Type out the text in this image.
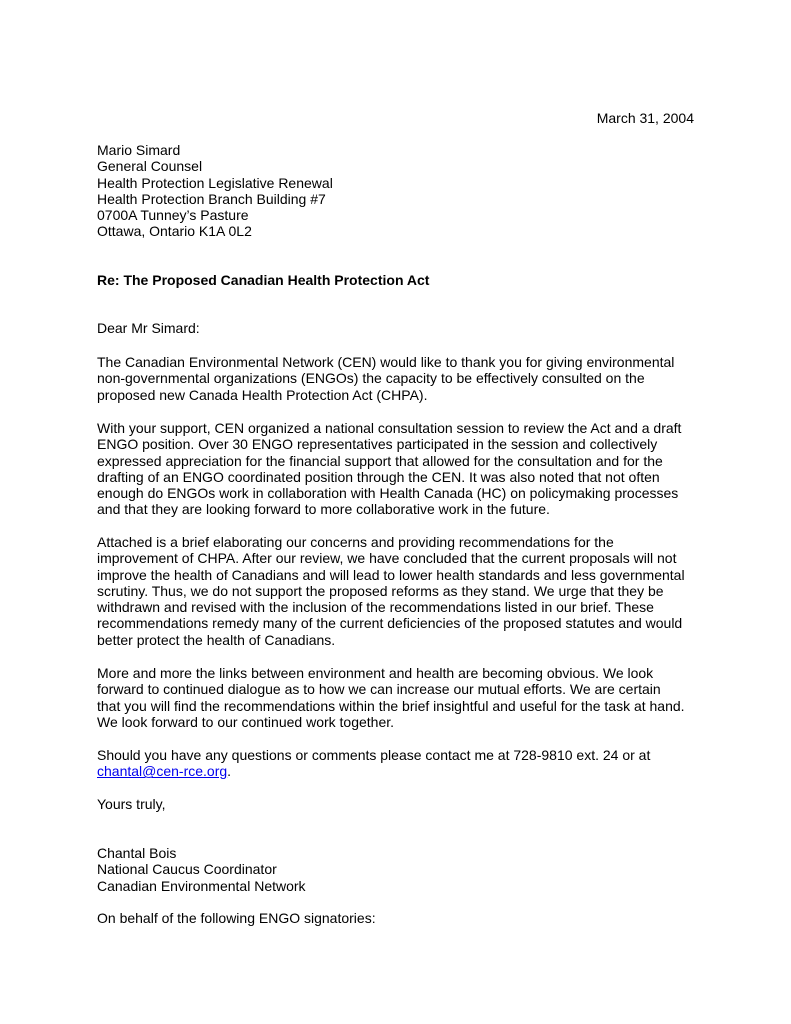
March 31, 2004

Mario Simard
General Counsel
Health Protection Legislative Renewal
Health Protection Branch Building #7
0700A Tunney’s Pasture
Ottawa, Ontario K1A 0L2

Re: The Proposed Canadian Health Protection Act

Dear Mr Simard:

The Canadian Environmental Network (CEN) would like to thank you for giving environmental
non-governmental organizations (ENGOs) the capacity to be effectively consulted on the
proposed new Canada Health Protection Act (CHPA).
With your support, CEN organized a national consultation session to review the Act and a draft
ENGO position. Over 30 ENGO representatives participated in the session and collectively
expressed appreciation for the financial support that allowed for the consultation and for the
drafting of an ENGO coordinated position through the CEN. It was also noted that not often
enough do ENGOs work in collaboration with Health Canada (HC) on policymaking processes
and that they are looking forward to more collaborative work in the future.
Attached is a brief elaborating our concerns and providing recommendations for the
improvement of CHPA. After our review, we have concluded that the current proposals will not
improve the health of Canadians and will lead to lower health standards and less governmental
scrutiny. Thus, we do not support the proposed reforms as they stand. We urge that they be
withdrawn and revised with the inclusion of the recommendations listed in our brief. These
recommendations remedy many of the current deficiencies of the proposed statutes and would
better protect the health of Canadians.
More and more the links between environment and health are becoming obvious. We look
forward to continued dialogue as to how we can increase our mutual efforts. We are certain
that you will find the recommendations within the brief insightful and useful for the task at hand.
We look forward to our continued work together.
Should you have any questions or comments please contact me at 728-9810 ext. 24 or at
chantal@cen-rce.org.

Yours truly,

Chantal Bois
National Caucus Coordinator
Canadian Environmental Network

On behalf of the following ENGO signatories:
